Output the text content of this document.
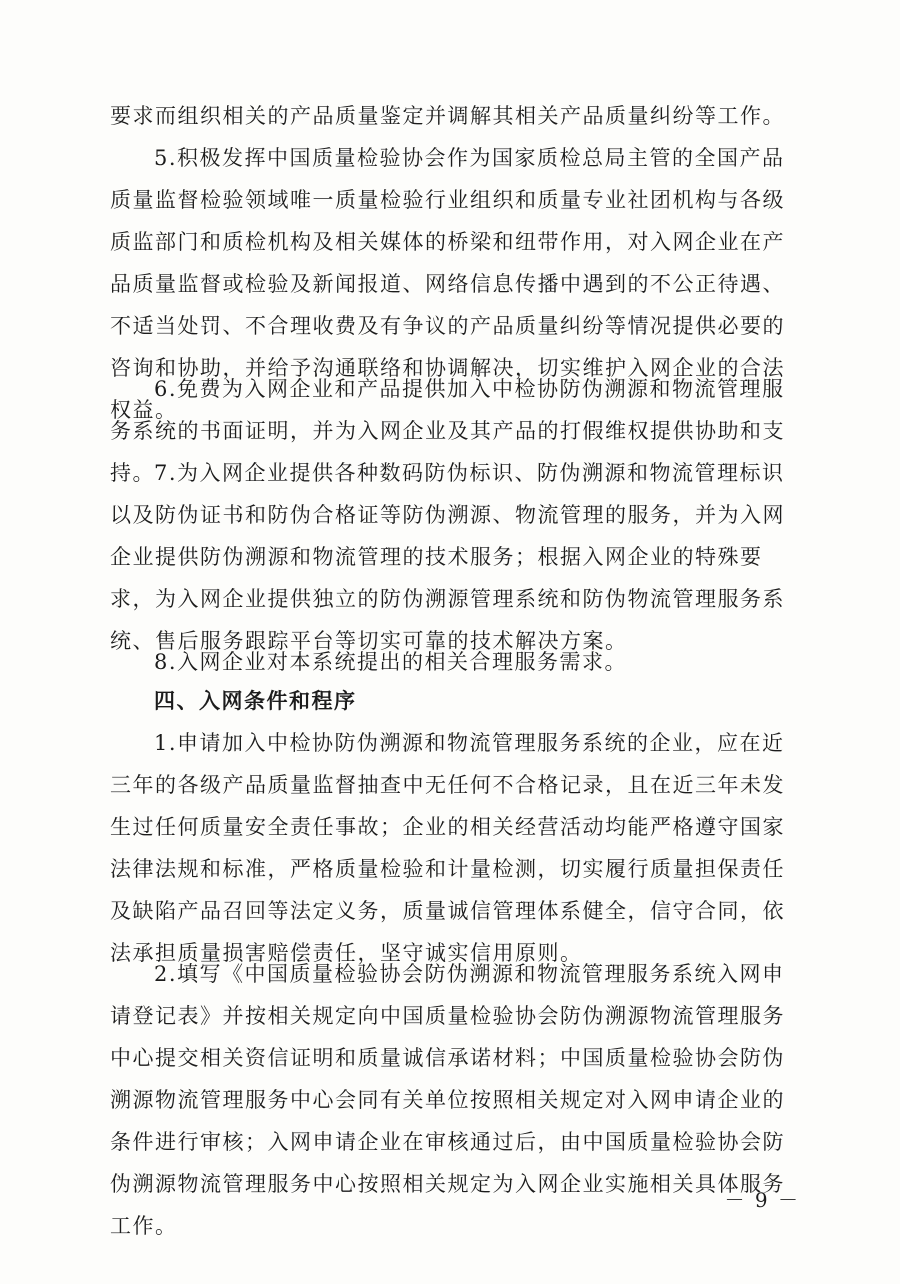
要求而组织相关的产品质量鉴定并调解其相关产品质量纠纷等工作。

5.积极发挥中国质量检验协会作为国家质检总局主管的全国产品质量监督检验领域唯一质量检验行业组织和质量专业社团机构与各级质监部门和质检机构及相关媒体的桥梁和纽带作用，对入网企业在产品质量监督或检验及新闻报道、网络信息传播中遇到的不公正待遇、不适当处罚、不合理收费及有争议的产品质量纠纷等情况提供必要的咨询和协助，并给予沟通联络和协调解决，切实维护入网企业的合法权益。

6.免费为入网企业和产品提供加入中检协防伪溯源和物流管理服务系统的书面证明，并为入网企业及其产品的打假维权提供协助和支持。 7.为入网企业提供各种数码防伪标识、防伪溯源和物流管理标识以及防伪证书和防伪合格证等防伪溯源、物流管理的服务，并为入网企业提供防伪溯源和物流管理的技术服务；根据入网企业的特殊要求，为入网企业提供独立的防伪溯源管理系统和防伪物流管理服务系统、售后服务跟踪平台等切实可靠的技术解决方案。

8.入网企业对本系统提出的相关合理服务需求。

四、入网条件和程序

1.申请加入中检协防伪溯源和物流管理服务系统的企业，应在近三年的各级产品质量监督抽查中无任何不合格记录，且在近三年未发生过任何质量安全责任事故；企业的相关经营活动均能严格遵守国家法律法规和标准，严格质量检验和计量检测，切实履行质量担保责任及缺陷产品召回等法定义务，质量诚信管理体系健全，信守合同，依法承担质量损害赔偿责任，坚守诚实信用原则。

2.填写《中国质量检验协会防伪溯源和物流管理服务系统入网申请登记表》并按相关规定向中国质量检验协会防伪溯源物流管理服务中心提交相关资信证明和质量诚信承诺材料；中国质量检验协会防伪溯源物流管理服务中心会同有关单位按照相关规定对入网申请企业的条件进行审核；入网申请企业在审核通过后，由中国质量检验协会防伪溯源物流管理服务中心按照相关规定为入网企业实施相关具体服务工作。

－ 9 －
